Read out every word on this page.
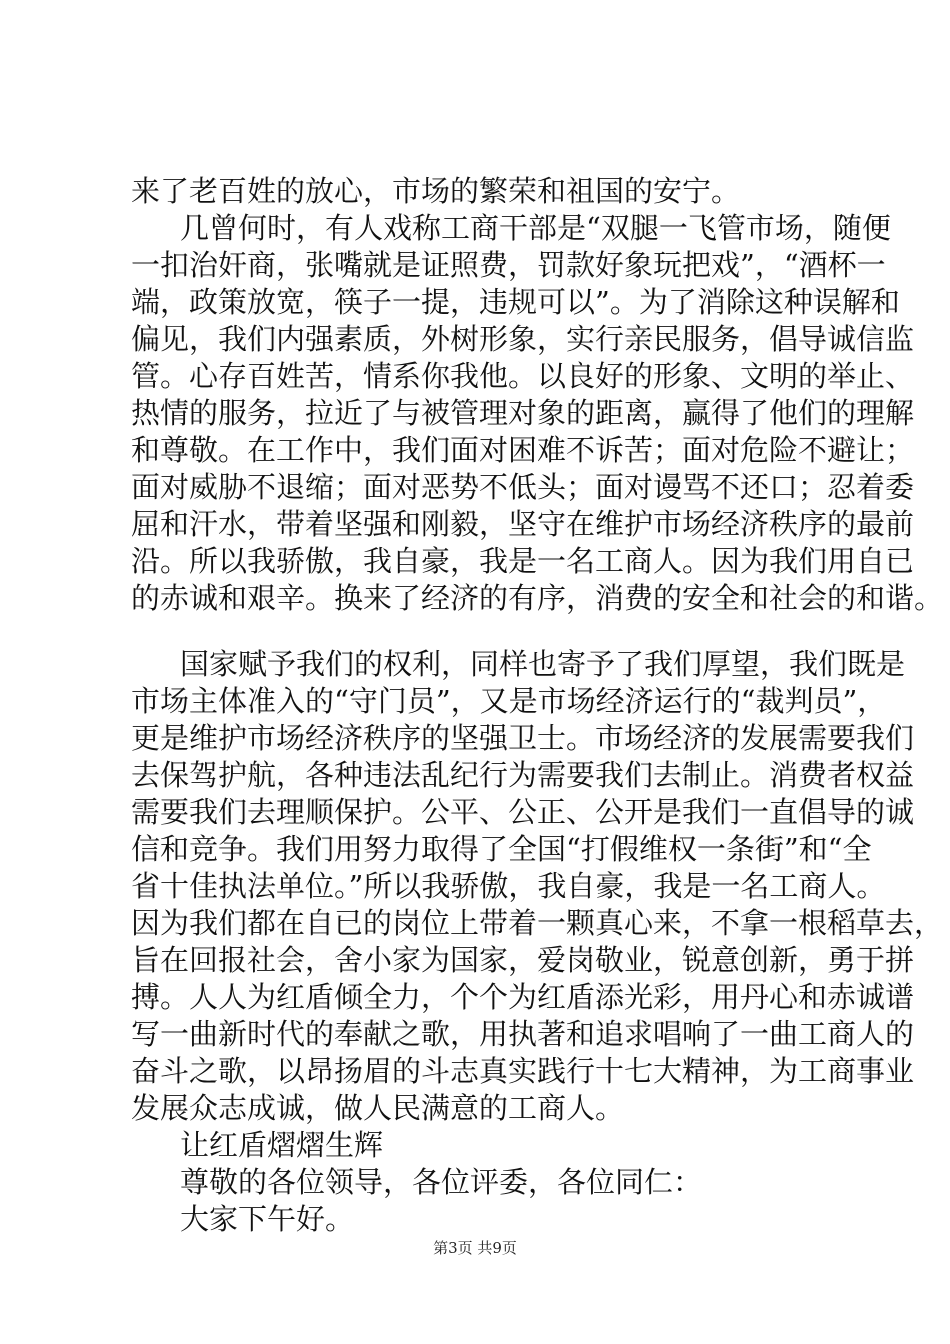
来了老百姓的放心，市场的繁荣和祖国的安宁。
几曾何时，有人戏称工商干部是“双腿一飞管市场，随便
一扣治奸商，张嘴就是证照费，罚款好象玩把戏”，“酒杯一
端，政策放宽，筷子一提，违规可以”。为了消除这种误解和
偏见，我们内强素质，外树形象，实行亲民服务，倡导诚信监
管。心存百姓苦，情系你我他。以良好的形象、文明的举止、
热情的服务，拉近了与被管理对象的距离，赢得了他们的理解
和尊敬。在工作中，我们面对困难不诉苦；面对危险不避让；
面对威胁不退缩；面对恶势不低头；面对谩骂不还口；忍着委
屈和汗水，带着坚强和刚毅，坚守在维护市场经济秩序的最前
沿。所以我骄傲，我自豪，我是一名工商人。因为我们用自已
的赤诚和艰辛。换来了经济的有序，消费的安全和社会的和谐。
国家赋予我们的权利，同样也寄予了我们厚望，我们既是
市场主体准入的“守门员”，又是市场经济运行的“裁判员”，
更是维护市场经济秩序的坚强卫士。市场经济的发展需要我们
去保驾护航，各种违法乱纪行为需要我们去制止。消费者权益
需要我们去理顺保护。公平、公正、公开是我们一直倡导的诚
信和竞争。我们用努力取得了全国“打假维权一条街”和“全
省十佳执法单位。”所以我骄傲，我自豪，我是一名工商人。
因为我们都在自已的岗位上带着一颗真心来，不拿一根稻草去，
旨在回报社会，舍小家为国家，爱岗敬业，锐意创新，勇于拼
搏。人人为红盾倾全力，个个为红盾添光彩，用丹心和赤诚谱
写一曲新时代的奉献之歌，用执著和追求唱响了一曲工商人的
奋斗之歌，以昂扬眉的斗志真实践行十七大精神，为工商事业
发展众志成诚，做人民满意的工商人。
让红盾熠熠生辉
尊敬的各位领导，各位评委，各位同仁：
大家下午好。
第3页 共9页
